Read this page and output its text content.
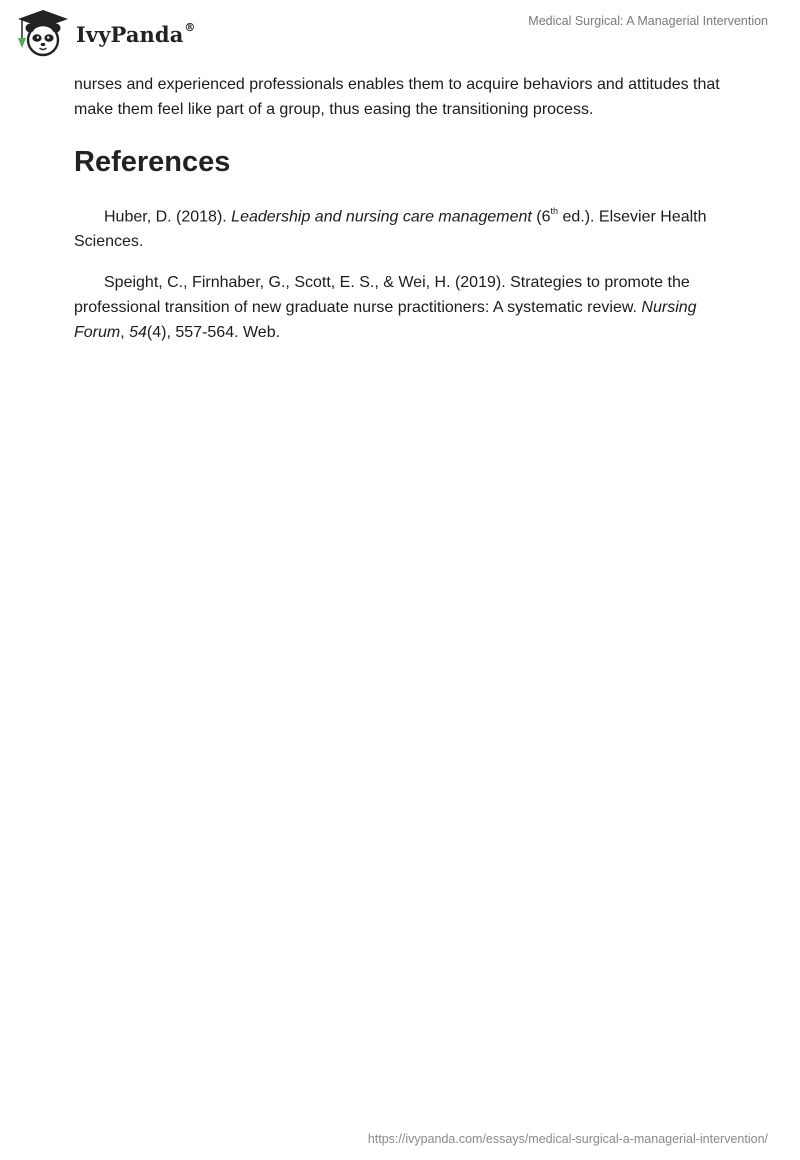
IvyPanda®	Medical Surgical: A Managerial Intervention

nurses and experienced professionals enables them to acquire behaviors and attitudes that make them feel like part of a group, thus easing the transitioning process.

References

Huber, D. (2018). Leadership and nursing care management (6th ed.). Elsevier Health Sciences.

Speight, C., Firnhaber, G., Scott, E. S., & Wei, H. (2019). Strategies to promote the professional transition of new graduate nurse practitioners: A systematic review. Nursing Forum, 54(4), 557-564. Web.

https://ivypanda.com/essays/medical-surgical-a-managerial-intervention/
